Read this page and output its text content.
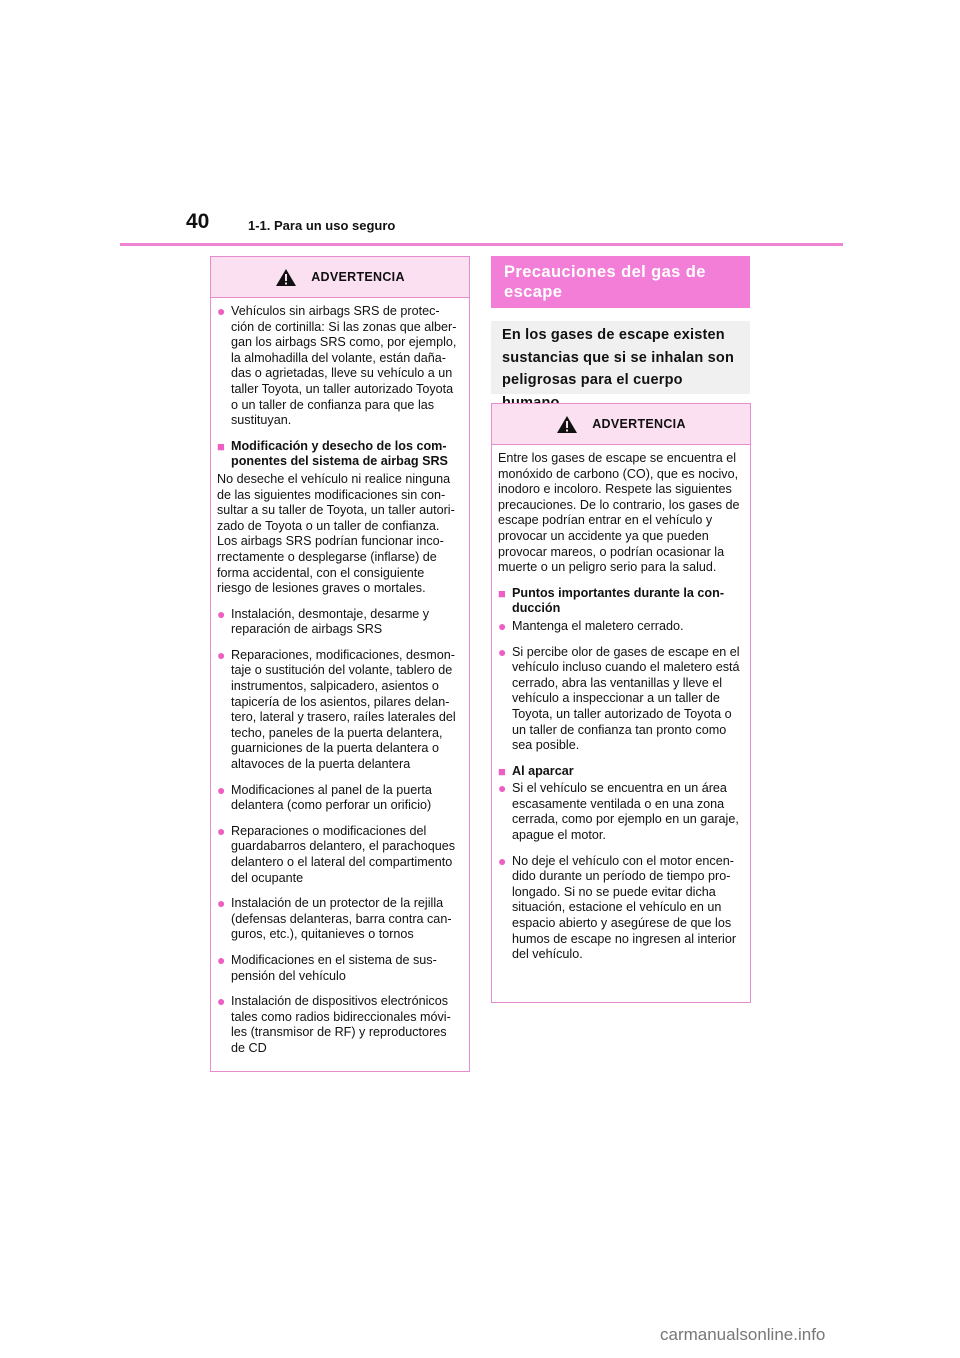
40	1-1. Para un uso seguro
ADVERTENCIA
● Vehículos sin airbags SRS de protec-ción de cortinilla: Si las zonas que alber-gan los airbags SRS como, por ejemplo, la almohadilla del volante, están daña-das o agrietadas, lleve su vehículo a un taller Toyota, un taller autorizado Toyota o un taller de confianza para que las sustituyan.
■ Modificación y desecho de los com-ponentes del sistema de airbag SRS
No deseche el vehículo ni realice ninguna de las siguientes modificaciones sin con-sultar a su taller de Toyota, un taller autori-zado de Toyota o un taller de confianza. Los airbags SRS podrían funcionar inco-rrectamente o desplegarse (inflarse) de forma accidental, con el consiguiente riesgo de lesiones graves o mortales.
● Instalación, desmontaje, desarme y reparación de airbags SRS
● Reparaciones, modificaciones, desmon-taje o sustitución del volante, tablero de instrumentos, salpicadero, asientos o tapicería de los asientos, pilares delan-tero, lateral y trasero, raíles laterales del techo, paneles de la puerta delantera, guarniciones de la puerta delantera o altavoces de la puerta delantera
● Modificaciones al panel de la puerta delantera (como perforar un orificio)
● Reparaciones o modificaciones del guardabarros delantero, el parachoques delantero o el lateral del compartimento del ocupante
● Instalación de un protector de la rejilla (defensas delanteras, barra contra can-guros, etc.), quitanieves o tornos
● Modificaciones en el sistema de sus-pensión del vehículo
● Instalación de dispositivos electrónicos tales como radios bidireccionales móvi-les (transmisor de RF) y reproductores de CD
Precauciones del gas de
escape
En los gases de escape existen sustancias que si se inhalan son peligrosas para el cuerpo
ADVERTENCIA
Entre los gases de escape se encuentra el monóxido de carbono (CO), que es nocivo, inodoro e incoloro. Respete las siguientes precauciones. De lo contrario, los gases de escape podrían entrar en el vehículo y provocar un accidente ya que pueden provocar mareos, o podrían ocasionar la muerte o un peligro serio para la salud.
■ Puntos importantes durante la con-ducción
● Mantenga el maletero cerrado.
● Si percibe olor de gases de escape en el vehículo incluso cuando el maletero está cerrado, abra las ventanillas y lleve el vehículo a inspeccionar a un taller de Toyota, un taller autorizado de Toyota o un taller de confianza tan pronto como sea posible.
■ Al aparcar
● Si el vehículo se encuentra en un área escasamente ventilada o en una zona cerrada, como por ejemplo en un garaje, apague el motor.
● No deje el vehículo con el motor encen-dido durante un período de tiempo pro-longado. Si no se puede evitar dicha situación, estacione el vehículo en un espacio abierto y asegúrese de que los humos de escape no ingresen al interior del vehículo.
carmanualsonline.info
